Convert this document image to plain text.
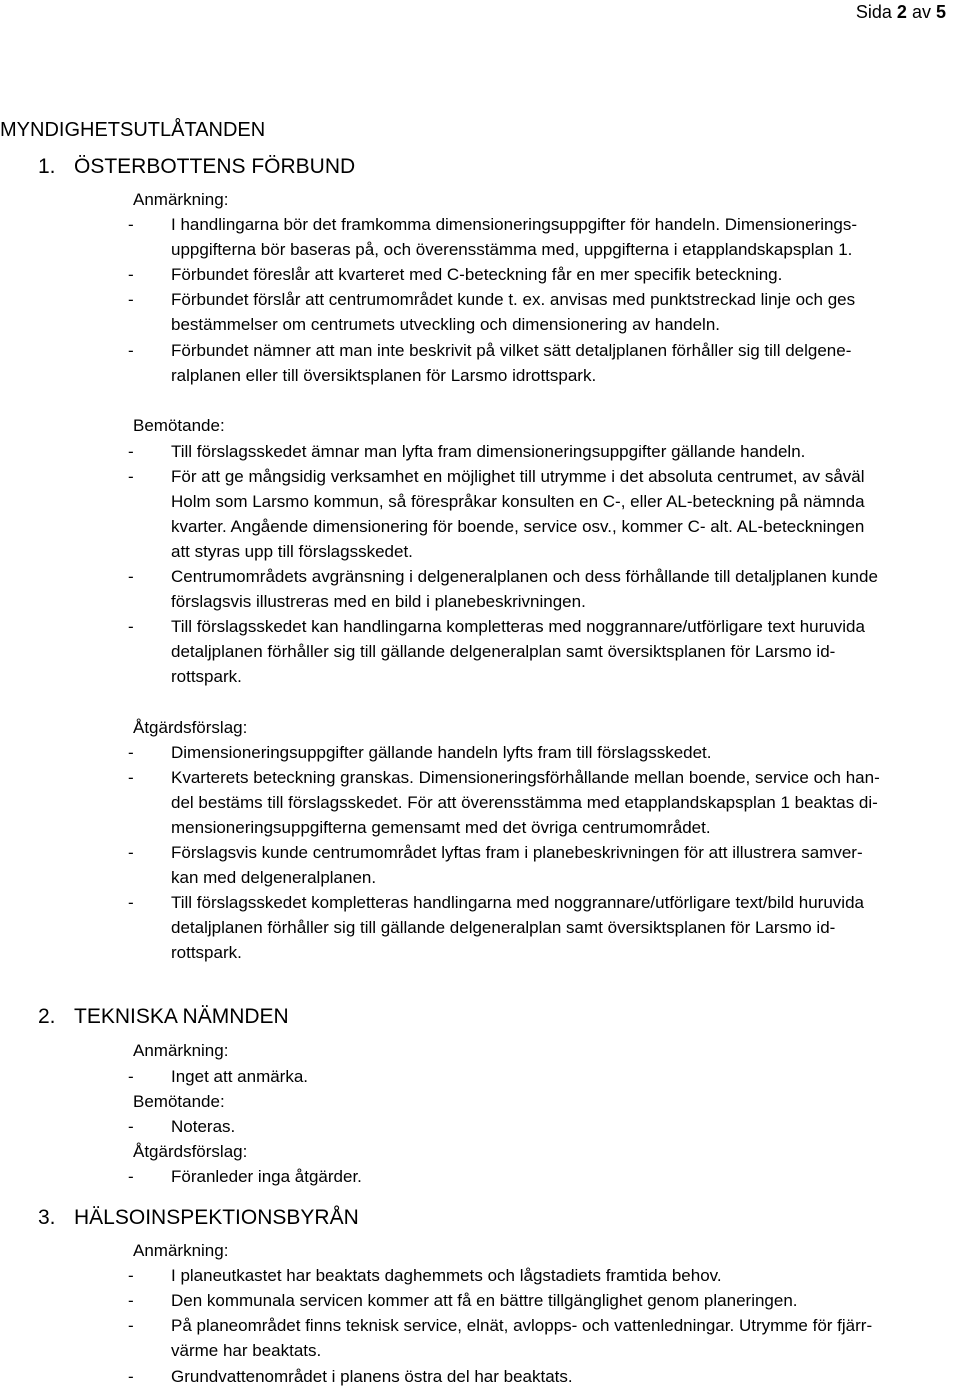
Sida 2 av 5
MYNDIGHETSUTLÅTANDEN
1. ÖSTERBOTTENS FÖRBUND
Anmärkning:
- I handlingarna bör det framkomma dimensioneringsuppgifter för handeln. Dimensionerings-
uppgifterna bör baseras på, och överensstämma med, uppgifterna i etapplandskapsplan 1.
- Förbundet föreslår att kvarteret med C-beteckning får en mer specifik beteckning.
- Förbundet förslår att centrumområdet kunde t. ex. anvisas med punktstreckad linje och ges
bestämmelser om centrumets utveckling och dimensionering av handeln.
- Förbundet nämner att man inte beskrivit på vilket sätt detaljplanen förhåller sig till delgene-
ralplanen eller till översiktsplanen för Larsmo idrottspark.
Bemötande:
- Till förslagsskedet ämnar man lyfta fram dimensioneringsuppgifter gällande handeln.
- För att ge mångsidig verksamhet en möjlighet till utrymme i det absoluta centrumet, av såväl
Holm som Larsmo kommun, så förespråkar konsulten en C-, eller AL-beteckning på nämnda
kvarter. Angående dimensionering för boende, service osv., kommer C- alt. AL-beteckningen
att styras upp till förslagsskedet.
- Centrumområdets avgränsning i delgeneralplanen och dess förhållande till detaljplanen kunde
förslagsvis illustreras med en bild i planebeskrivningen.
- Till förslagsskedet kan handlingarna kompletteras med noggrannare/utförligare text huruvida
detaljplanen förhåller sig till gällande delgeneralplan samt översiktsplanen för Larsmo id-
rottspark.
Åtgärdsförslag:
- Dimensioneringsuppgifter gällande handeln lyfts fram till förslagsskedet.
- Kvarterets beteckning granskas. Dimensioneringsförhållande mellan boende, service och han-
del bestäms till förslagsskedet. För att överensstämma med etapplandskapsplan 1 beaktas di-
mensioneringsuppgifterna gemensamt med det övriga centrumområdet.
- Förslagsvis kunde centrumområdet lyftas fram i planebeskrivningen för att illustrera samver-
kan med delgeneralplanen.
- Till förslagsskedet kompletteras handlingarna med noggrannare/utförligare text/bild huruvida
detaljplanen förhåller sig till gällande delgeneralplan samt översiktsplanen för Larsmo id-
rottspark.
2. TEKNISKA NÄMNDEN
Anmärkning:
- Inget att anmärka.
Bemötande:
- Noteras.
Åtgärdsförslag:
- Föranleder inga åtgärder.
3. HÄLSOINSPEKTIONSBYRÅN
Anmärkning:
- I planeutkastet har beaktats daghemmets och lågstadiets framtida behov.
- Den kommunala servicen kommer att få en bättre tillgänglighet genom planeringen.
- På planeområdet finns teknisk service, elnät, avlopps- och vattenledningar. Utrymme för fjärr-
värme har beaktats.
- Grundvattenområdet i planens östra del har beaktats.
